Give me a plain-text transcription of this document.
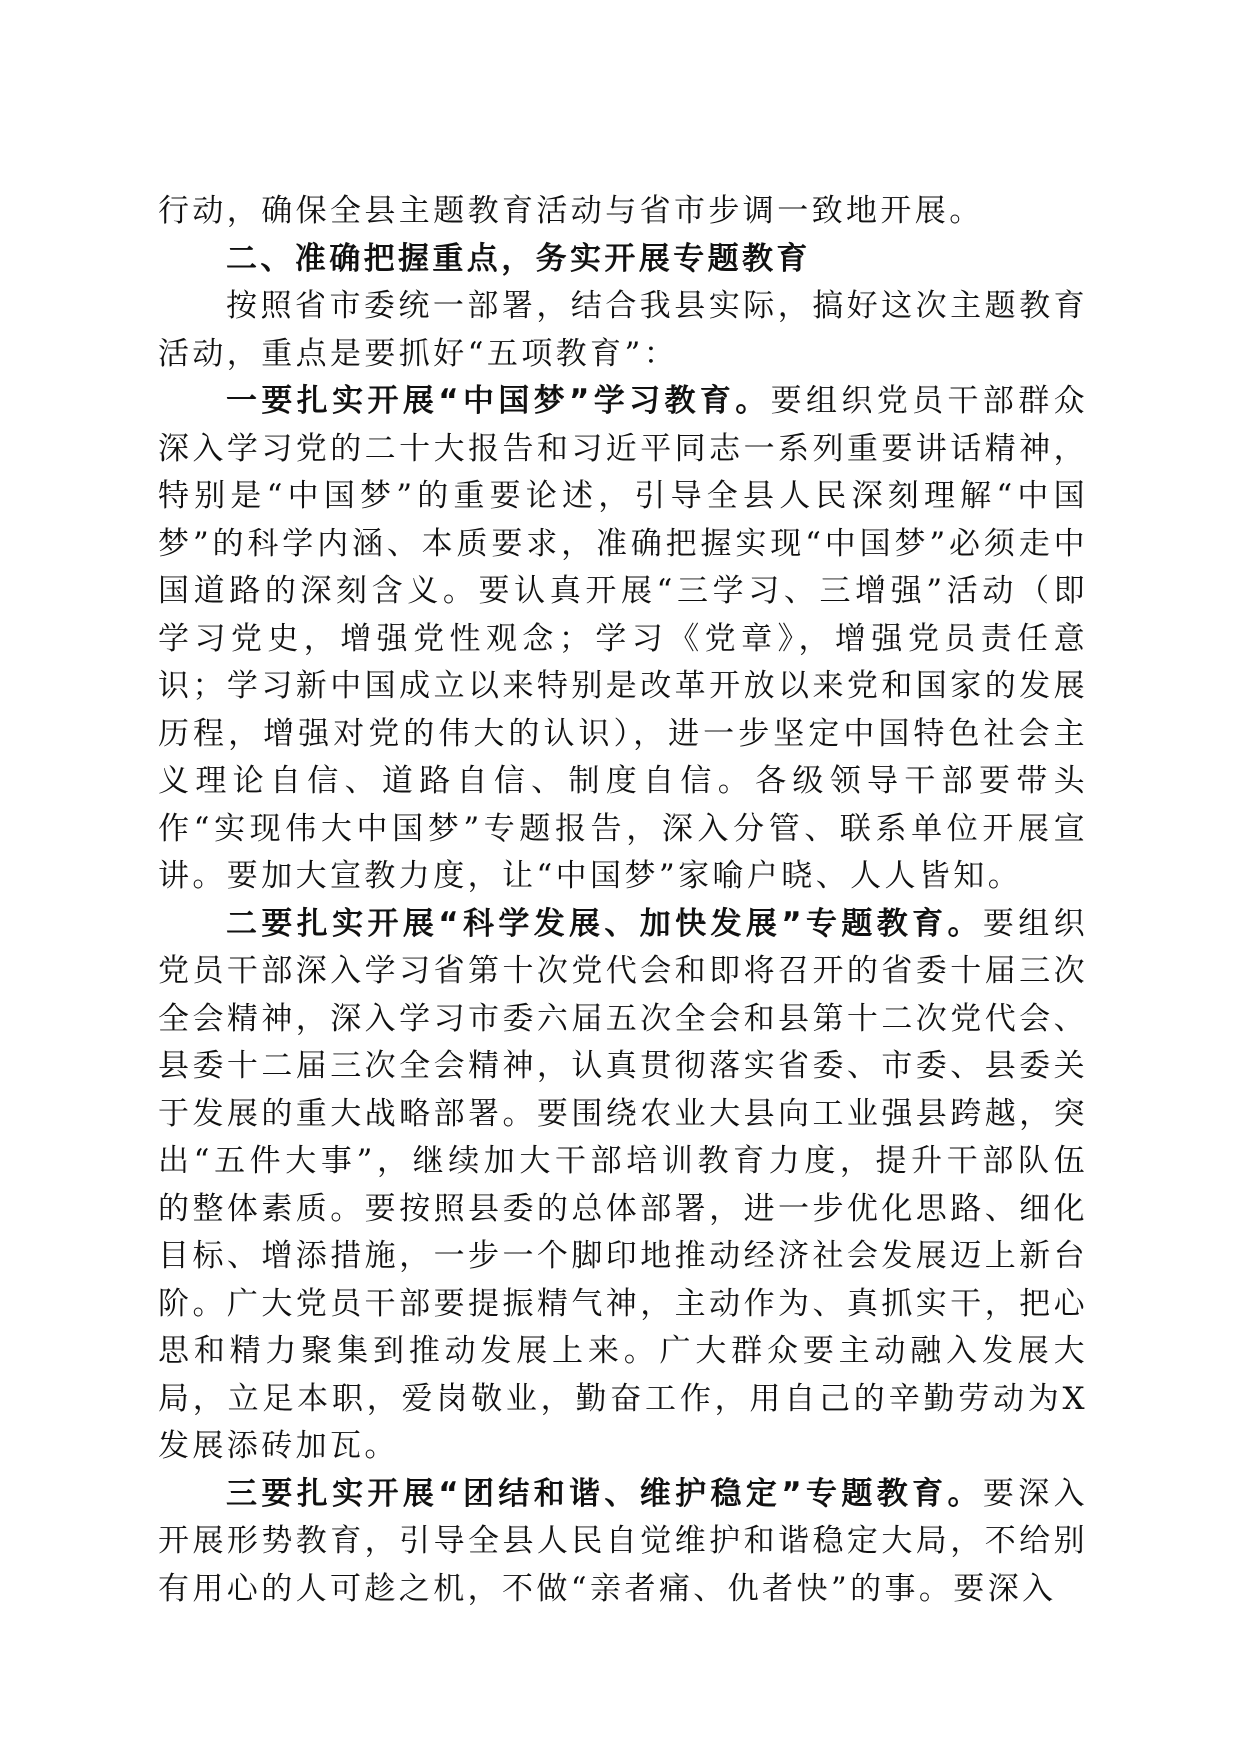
行动，确保全县主题教育活动与省市步调一致地开展。

二、准确把握重点，务实开展专题教育

按照省市委统一部署，结合我县实际，搞好这次主题教育活动，重点是要抓好“五项教育”：

一要扎实开展“中国梦”学习教育。要组织党员干部群众深入学习党的二十大报告和习近平同志一系列重要讲话精神，特别是“中国梦”的重要论述，引导全县人民深刻理解“中国梦”的科学内涵、本质要求，准确把握实现“中国梦”必须走中国道路的深刻含义。要认真开展“三学习、三增强”活动（即学习党史，增强党性观念；学习《党章》，增强党员责任意识；学习新中国成立以来特别是改革开放以来党和国家的发展历程，增强对党的伟大的认识），进一步坚定中国特色社会主义理论自信、道路自信、制度自信。各级领导干部要带头作“实现伟大中国梦”专题报告，深入分管、联系单位开展宣讲。要加大宣教力度，让“中国梦”家喻户晓、人人皆知。

二要扎实开展“科学发展、加快发展”专题教育。要组织党员干部深入学习省第十次党代会和即将召开的省委十届三次全会精神，深入学习市委六届五次全会和县第十二次党代会、县委十二届三次全会精神，认真贯彻落实省委、市委、县委关于发展的重大战略部署。要围绕农业大县向工业强县跨越，突出“五件大事”，继续加大干部培训教育力度，提升干部队伍的整体素质。要按照县委的总体部署，进一步优化思路、细化目标、增添措施，一步一个脚印地推动经济社会发展迈上新台阶。广大党员干部要提振精气神，主动作为、真抓实干，把心思和精力聚集到推动发展上来。广大群众要主动融入发展大局，立足本职，爱岗敬业，勤奋工作，用自己的辛勤劳动为X发展添砖加瓦。

三要扎实开展“团结和谐、维护稳定”专题教育。要深入开展形势教育，引导全县人民自觉维护和谐稳定大局，不给别有用心的人可趁之机，不做“亲者痛、仇者快”的事。要深入
